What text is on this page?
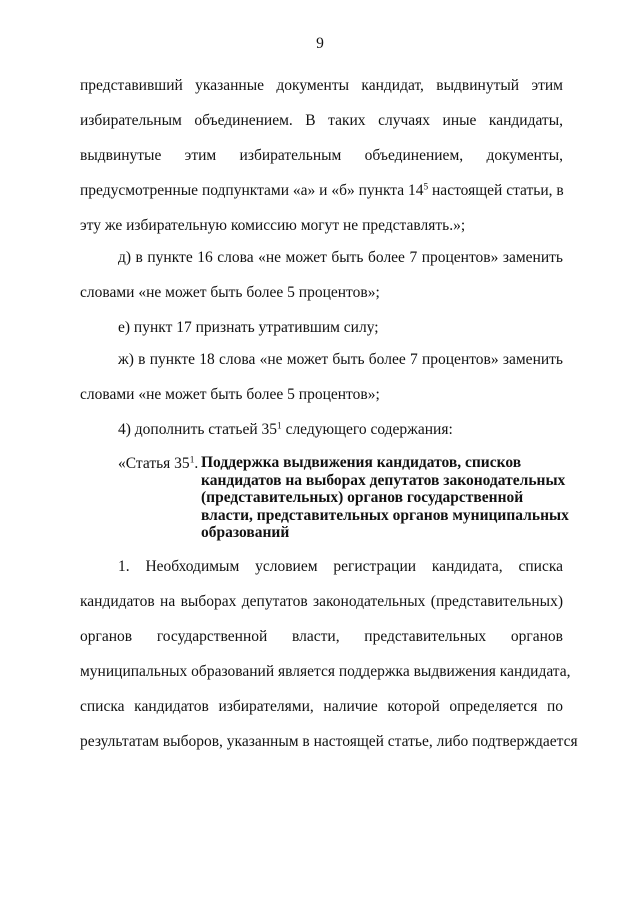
9
представивший указанные документы кандидат, выдвинутый этим
избирательным объединением. В таких случаях иные кандидаты,
выдвинутые этим избирательным объединением, документы,
предусмотренные подпунктами «а» и «б» пункта $14^5$ настоящей статьи, в
эту же избирательную комиссию могут не представлять.»;
д) в пункте 16 слова «не может быть более 7 процентов» заменить
словами «не может быть более 5 процентов»;
е) пункт 17 признать утратившим силу;
ж) в пункте 18 слова «не может быть более 7 процентов» заменить
словами «не может быть более 5 процентов»;
4) дополнить статьей $35^1$ следующего содержания:
«Статья $35^1$. Поддержка выдвижения кандидатов, списков
кандидатов на выборах депутатов законодательных
(представительных) органов государственной
власти, представительных органов муниципальных
образований
1. Необходимым условием регистрации кандидата, списка
кандидатов на выборах депутатов законодательных (представительных)
органов государственной власти, представительных органов
муниципальных образований является поддержка выдвижения кандидата,
списка кандидатов избирателями, наличие которой определяется по
результатам выборов, указанным в настоящей статье, либо подтверждается
